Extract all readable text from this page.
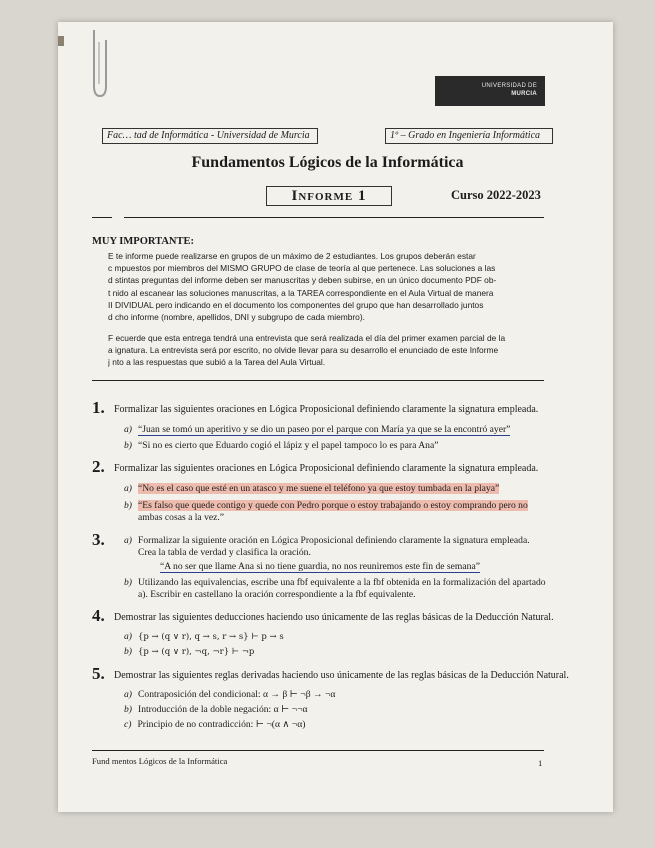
UNIVERSIDAD DE
MURCIA
Fac… tad de Informática - Universidad de Murcia	1º – Grado en Ingeniería Informática
Fundamentos Lógicos de la Informática
Informe 1	Curso 2022-2023
MUY IMPORTANTE:
E te informe puede realizarse en grupos de un máximo de 2 estudiantes. Los grupos deberán estar
c mpuestos por miembros del MISMO GRUPO de clase de teoría al que pertenece. Las soluciones a las
d stintas preguntas del informe deben ser manuscritas y deben subirse, en un único documento PDF ob-
t nido al escanear las soluciones manuscritas, a la TAREA correspondiente en el Aula Virtual de manera
II DIVIDUAL pero indicando en el documento los componentes del grupo que han desarrollado juntos
d cho informe (nombre, apellidos, DNI y subgrupo de cada miembro).
F ecuerde que esta entrega tendrá una entrevista que será realizada el día del primer examen parcial de la
a ignatura. La entrevista será por escrito, no olvide llevar para su desarrollo el enunciado de este Informe
j nto a las respuestas que subió a la Tarea del Aula Virtual.
1. Formalizar las siguientes oraciones en Lógica Proposicional definiendo claramente la signatura empleada.
a) “Juan se tomó un aperitivo y se dio un paseo por el parque con María ya que se la encontró ayer”
b) “Si no es cierto que Eduardo cogió el lápiz y el papel tampoco lo es para Ana”
2. Formalizar las siguientes oraciones en Lógica Proposicional definiendo claramente la signatura empleada.
a) “No es el caso que esté en un atasco y me suene el teléfono ya que estoy tumbada en la playa”
b) “Es falso que quede contigo y quede con Pedro porque o estoy trabajando o estoy comprando pero no
ambas cosas a la vez.”
3. a) Formalizar la siguiente oración en Lógica Proposicional definiendo claramente la signatura empleada.
Crea la tabla de verdad y clasifica la oración.
“A no ser que llame Ana si no tiene guardia, no nos reuniremos este fin de semana”
b) Utilizando las equivalencias, escribe una fbf equivalente a la fbf obtenida en la formalización del apartado
a). Escribir en castellano la oración correspondiente a la fbf equivalente.
4. Demostrar las siguientes deducciones haciendo uso únicamente de las reglas básicas de la Deducción Natural.
a) {p → (q ∨ r), q → s, r → s} ⊢ p → s
b) {p → (q ∨ r), ¬q, ¬r} ⊢ ¬p
5. Demostrar las siguientes reglas derivadas haciendo uso únicamente de las reglas básicas de la Deducción Natural.
a) Contraposición del condicional: α → β ⊢ ¬β → ¬α
b) Introducción de la doble negación: α ⊢ ¬¬α
c) Principio de no contradicción: ⊢ ¬(α ∧ ¬α)
Fund mentos Lógicos de la Informática	1
